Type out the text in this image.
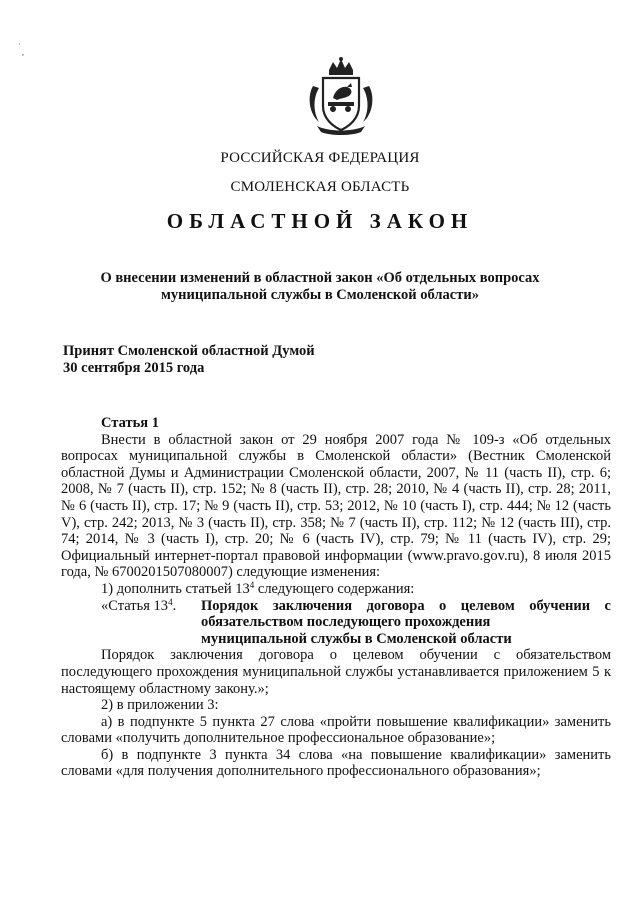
·
,
РОССИЙСКАЯ ФЕДЕРАЦИЯ
СМОЛЕНСКАЯ ОБЛАСТЬ
ОБЛАСТНОЙ ЗАКОН
О внесении изменений в областной закон «Об отдельных вопросах
муниципальной службы в Смоленской области»
Принят Смоленской областной Думой
30 сентября 2015 года
Статья 1
Внести в областной закон от 29 ноября 2007 года № 109-з «Об отдельных вопросах муниципальной службы в Смоленской области» (Вестник Смоленской областной Думы и Администрации Смоленской области, 2007, № 11 (часть II), стр. 6; 2008, № 7 (часть II), стр. 152; № 8 (часть II), стр. 28; 2010, № 4 (часть II), стр. 28; 2011, № 6 (часть II), стр. 17; № 9 (часть II), стр. 53; 2012, № 10 (часть I), стр. 444; № 12 (часть V), стр. 242; 2013, № 3 (часть II), стр. 358; № 7 (часть II), стр. 112; № 12 (часть III), стр. 74; 2014, № 3 (часть I), стр. 20; № 6 (часть IV), стр. 79; № 11 (часть IV), стр. 29; Официальный интернет-портал правовой информации (www.pravo.gov.ru), 8 июля 2015 года, № 6700201507080007) следующие изменения:
1) дополнить статьей $13^4$ следующего содержания:
«Статья $13^4$.	Порядок заключения договора о целевом обучении с обязательством последующего прохождения
муниципальной службы в Смоленской области
Порядок заключения договора о целевом обучении с обязательством последующего прохождения муниципальной службы устанавливается приложением 5 к настоящему областному закону.»;
2) в приложении 3:
а) в подпункте 5 пункта 27 слова «пройти повышение квалификации» заменить словами «получить дополнительное профессиональное образование»;
б) в подпункте 3 пункта 34 слова «на повышение квалификации» заменить словами «для получения дополнительного профессионального образования»;
